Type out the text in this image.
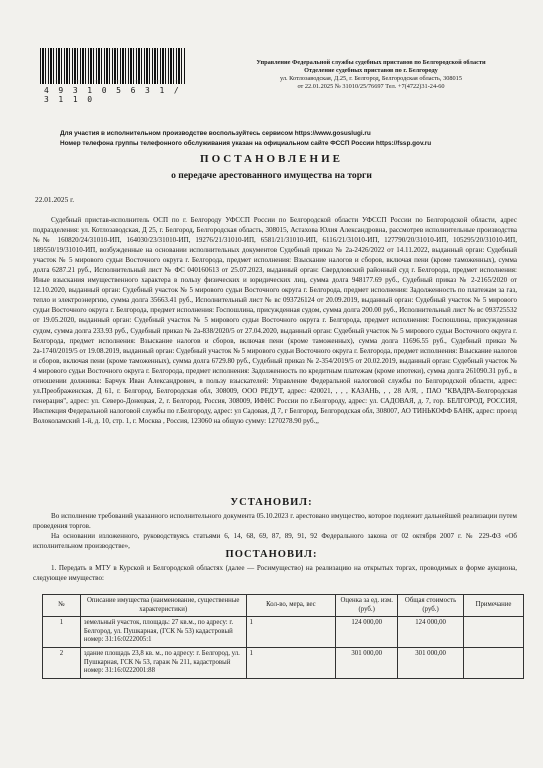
4 9 3 1 0 5 6 3 1 / 3 1 1 0
Управление Федеральной службы судебных приставов по Белгородской области
Отделение судебных приставов по г. Белгороду
ул. Котлозаводская, Д.25, г. Белгород, Белгородская область, 308015
от 22.01.2025 № 31010/25/76697 Тел. +7(4722)31-24-60
Для участия в исполнительном производстве воспользуйтесь сервисом https://www.gosuslugi.ru
Номер телефона группы телефонного обслуживания указан на официальном сайте ФССП России https://fssp.gov.ru
ПОСТАНОВЛЕНИЕ
о передаче арестованного имущества на торги
22.01.2025 г.

Судебный пристав-исполнитель ОСП по г. Белгороду УФССП России по Белгородской области УФССП России по Белгородской области, адрес подразделения: ул. Котлозаводская, Д 25, г. Белгород, Белгородская область, 308015, Астахова Юлия Александровна, рассмотрев исполнительные производства №№ 160820/24/31010-ИП, 164030/23/31010-ИП, 19276/21/31010-ИП, 6581/21/31010-ИП, 6116/21/31010-ИП, 127790/20/31010-ИП, 105295/20/31010-ИП, 189550/19/31010-ИП, возбужденные на основании исполнительных документов Судебный приказ № 2а-2426/2022 от 14.11.2022, выданный орган: Судебный участок № 5 мирового судьи Восточного округа г. Белгорода, предмет исполнения: Взыскание налогов и сборов, включая пени (кроме таможенных), сумма долга 6287.21 руб., Исполнительный лист № ФС 040160613 от 25.07.2023, выданный орган: Свердловский районный суд г. Белгорода, предмет исполнения: Иные взыскания имущественного характера в пользу физических и юридических лиц, сумма долга 948177.69 руб., Судебный приказ № 2-2165/2020 от 12.10.2020, выданный орган: Судебный участок № 5 мирового судьи Восточного округа г. Белгорода, предмет исполнения: Задолженность по платежам за газ, тепло и электроэнергию, сумма долга 35663.41 руб., Исполнительный лист № вс 093726124 от 20.09.2019, выданный орган: Судебный участок № 5 мирового судьи Восточного округа г. Белгорода, предмет исполнения: Госпошлина, присужденная судом, сумма долга 200.00 руб., Исполнительный лист № вс 093725532 от 19.05.2020, выданный орган: Судебный участок № 5 мирового судьи Восточного округа г. Белгорода, предмет исполнения: Госпошлина, присужденная судом, сумма долга 233.93 руб., Судебный приказ № 2а-838/2020/5 от 27.04.2020, выданный орган: Судебный участок № 5 мирового судьи Восточного округа г. Белгорода, предмет исполнения: Взыскание налогов и сборов, включая пени (кроме таможенных), сумма долга 11696.55 руб., Судебный приказ № 2а-1740/2019/5 от 19.08.2019, выданный орган: Судебный участок № 5 мирового судьи Восточного округа г. Белгорода, предмет исполнения: Взыскание налогов и сборов, включая пени (кроме таможенных), сумма долга 6729.80 руб., Судебный приказ № 2-354/2019/5 от 20.02.2019, выданный орган: Судебный участок № 4 мирового судьи Восточного округа г. Белгорода, предмет исполнения: Задолженность по кредитным платежам (кроме ипотеки), сумма долга 261090.31 руб., в отношении должника: Барчук Иван Александрович, в пользу взыскателей: Управление Федеральной налоговой службы по Белгородской области, адрес: ул.Преображенская, Д 61, г. Белгород, Белгородская обл, 308009, ООО РЕДУТ, адрес: 420021, , , , КАЗАНЬ, , , 28 А/Я, , ПАО "КВАДРА-Белгородская генерация", адрес: ул. Северо-Донецкая, 2, г. Белгород, Россия, 308009, ИФНС России по г.Белгороду, адрес: ул. САДОВАЯ, д. 7, гор. БЕЛГОРОД, РОССИЯ, Инспекция Федеральной налоговой службы по г.Белгороду, адрес: ул Садовая, Д 7, г Белгород, Белгородская обл, 308007, АО ТИНЬКОФФ БАНК, адрес: проезд Волоколамский 1-й, д. 10, стр. 1, г. Москва , Россия, 123060 на общую сумму: 1270278.90 руб.,,

УСТАНОВИЛ:

Во исполнение требований указанного исполнительного документа 05.10.2023 г. арестовано имущество, которое подлежит дальнейшей реализации путем проведения торгов.

На основании изложенного, руководствуясь статьями 6, 14, 68, 69, 87, 89, 91, 92 Федерального закона от 02 октября 2007 г. № 229-ФЗ «Об исполнительном производстве»,

ПОСТАНОВИЛ:

1. Передать в МТУ в Курской и Белгородской областях (далее — Росимущество) на реализацию на открытых торгах, проводимых в форме аукциона, следующее имущество:

№	Описание имущества (наименование, существенные характеристики)	Кол-во, мера, вес	Оценка за ед. изм. (руб.)	Общая стоимость (руб.)	Примечание
1	земельный участок, площадь: 27 кв.м., по адресу: г. Белгород, ул. Пушкарная, (ГСК № 53) кадастровый номер: 31:16:0222005:1	1	124 000,00	124 000,00	
2	здание площадь 23,8 кв. м., по адресу: г. Белгород, ул. Пушкарная, ГСК № 53, гараж № 211, кадастровый номер: 31:16:0222001:88	1	301 000,00	301 000,00	
